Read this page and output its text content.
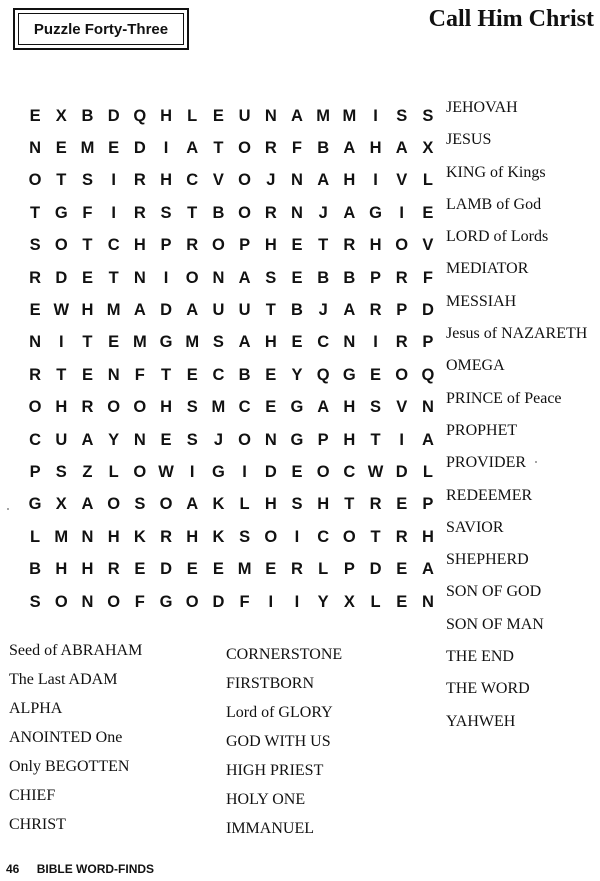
Puzzle Forty-Three	Call Him Christ
E X B D Q H L E U N A M M	I	S S
N E M E D	I	A T O R F B A H A X
O T S	I	R H C V O J N A H	I	V L
T G F	I	R S T B O R N J A G	I	E
S O T C H P R O P H E T R H O V
R D E T N	I	O N A S E B B P R F
E W H M A D A U U T B J A R P D
N	I	T E M G M S A H E C N	I	R P
R T E N F T E C B E Y Q G E O Q
O H R O O H S M C E G A H S V N
C U A Y N E S J O N G P H T	I	A
P S Z L O W I	G	I	D E O C W D L
G X A O S O A K L H S H T R E P
L M N H K R H K S O	I	C O T R H
B H H R E D E E M E R L P D E A
S O N O F G O D F	I	I	Y X L E N
JEHOVAH
JESUS
KING of Kings
LAMB of God
LORD of Lords
MEDIATOR
MESSIAH
Jesus of NAZARETH
OMEGA
PRINCE of Peace
PROPHET
PROVIDER
REDEEMER
SAVIOR
SHEPHERD
SON OF GOD
SON OF MAN
THE END
THE WORD
YAHWEH
Seed of ABRAHAM
The Last ADAM
ALPHA
ANOINTED One
Only BEGOTTEN
CHIEF
CHRIST
CORNERSTONE
FIRSTBORN
Lord of GLORY
GOD WITH US
HIGH PRIEST
HOLY ONE
IMMANUEL
46 BIBLE WORD-FINDS
